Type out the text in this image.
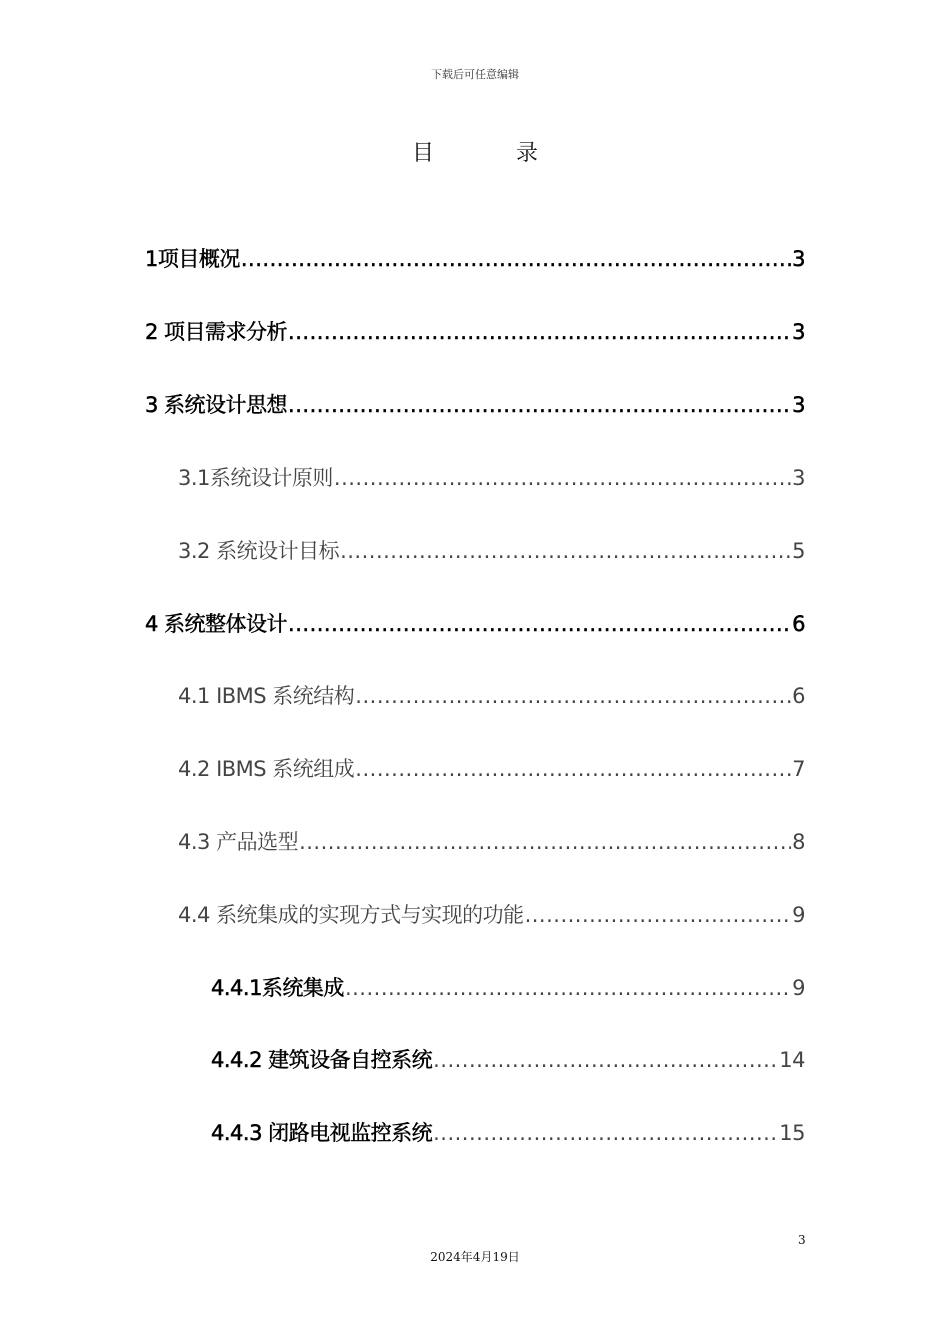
下载后可任意编辑
目　录
1项目概况 .....	3
2 项目需求分析 .....	3
3 系统设计思想 .....	3
3.1系统设计原则 .....	3
3.2 系统设计目标 .....	5
4 系统整体设计 .....	6
4.1 IBMS 系统结构 .....	6
4.2 IBMS 系统组成 .....	7
4.3 产品选型 .....	8
4.4 系统集成的实现方式与实现的功能 .....	9
4.4.1系统集成 .....	9
4.4.2 建筑设备自控系统 .....	14
4.4.3 闭路电视监控系统 .....	15
3
2024年4月19日
